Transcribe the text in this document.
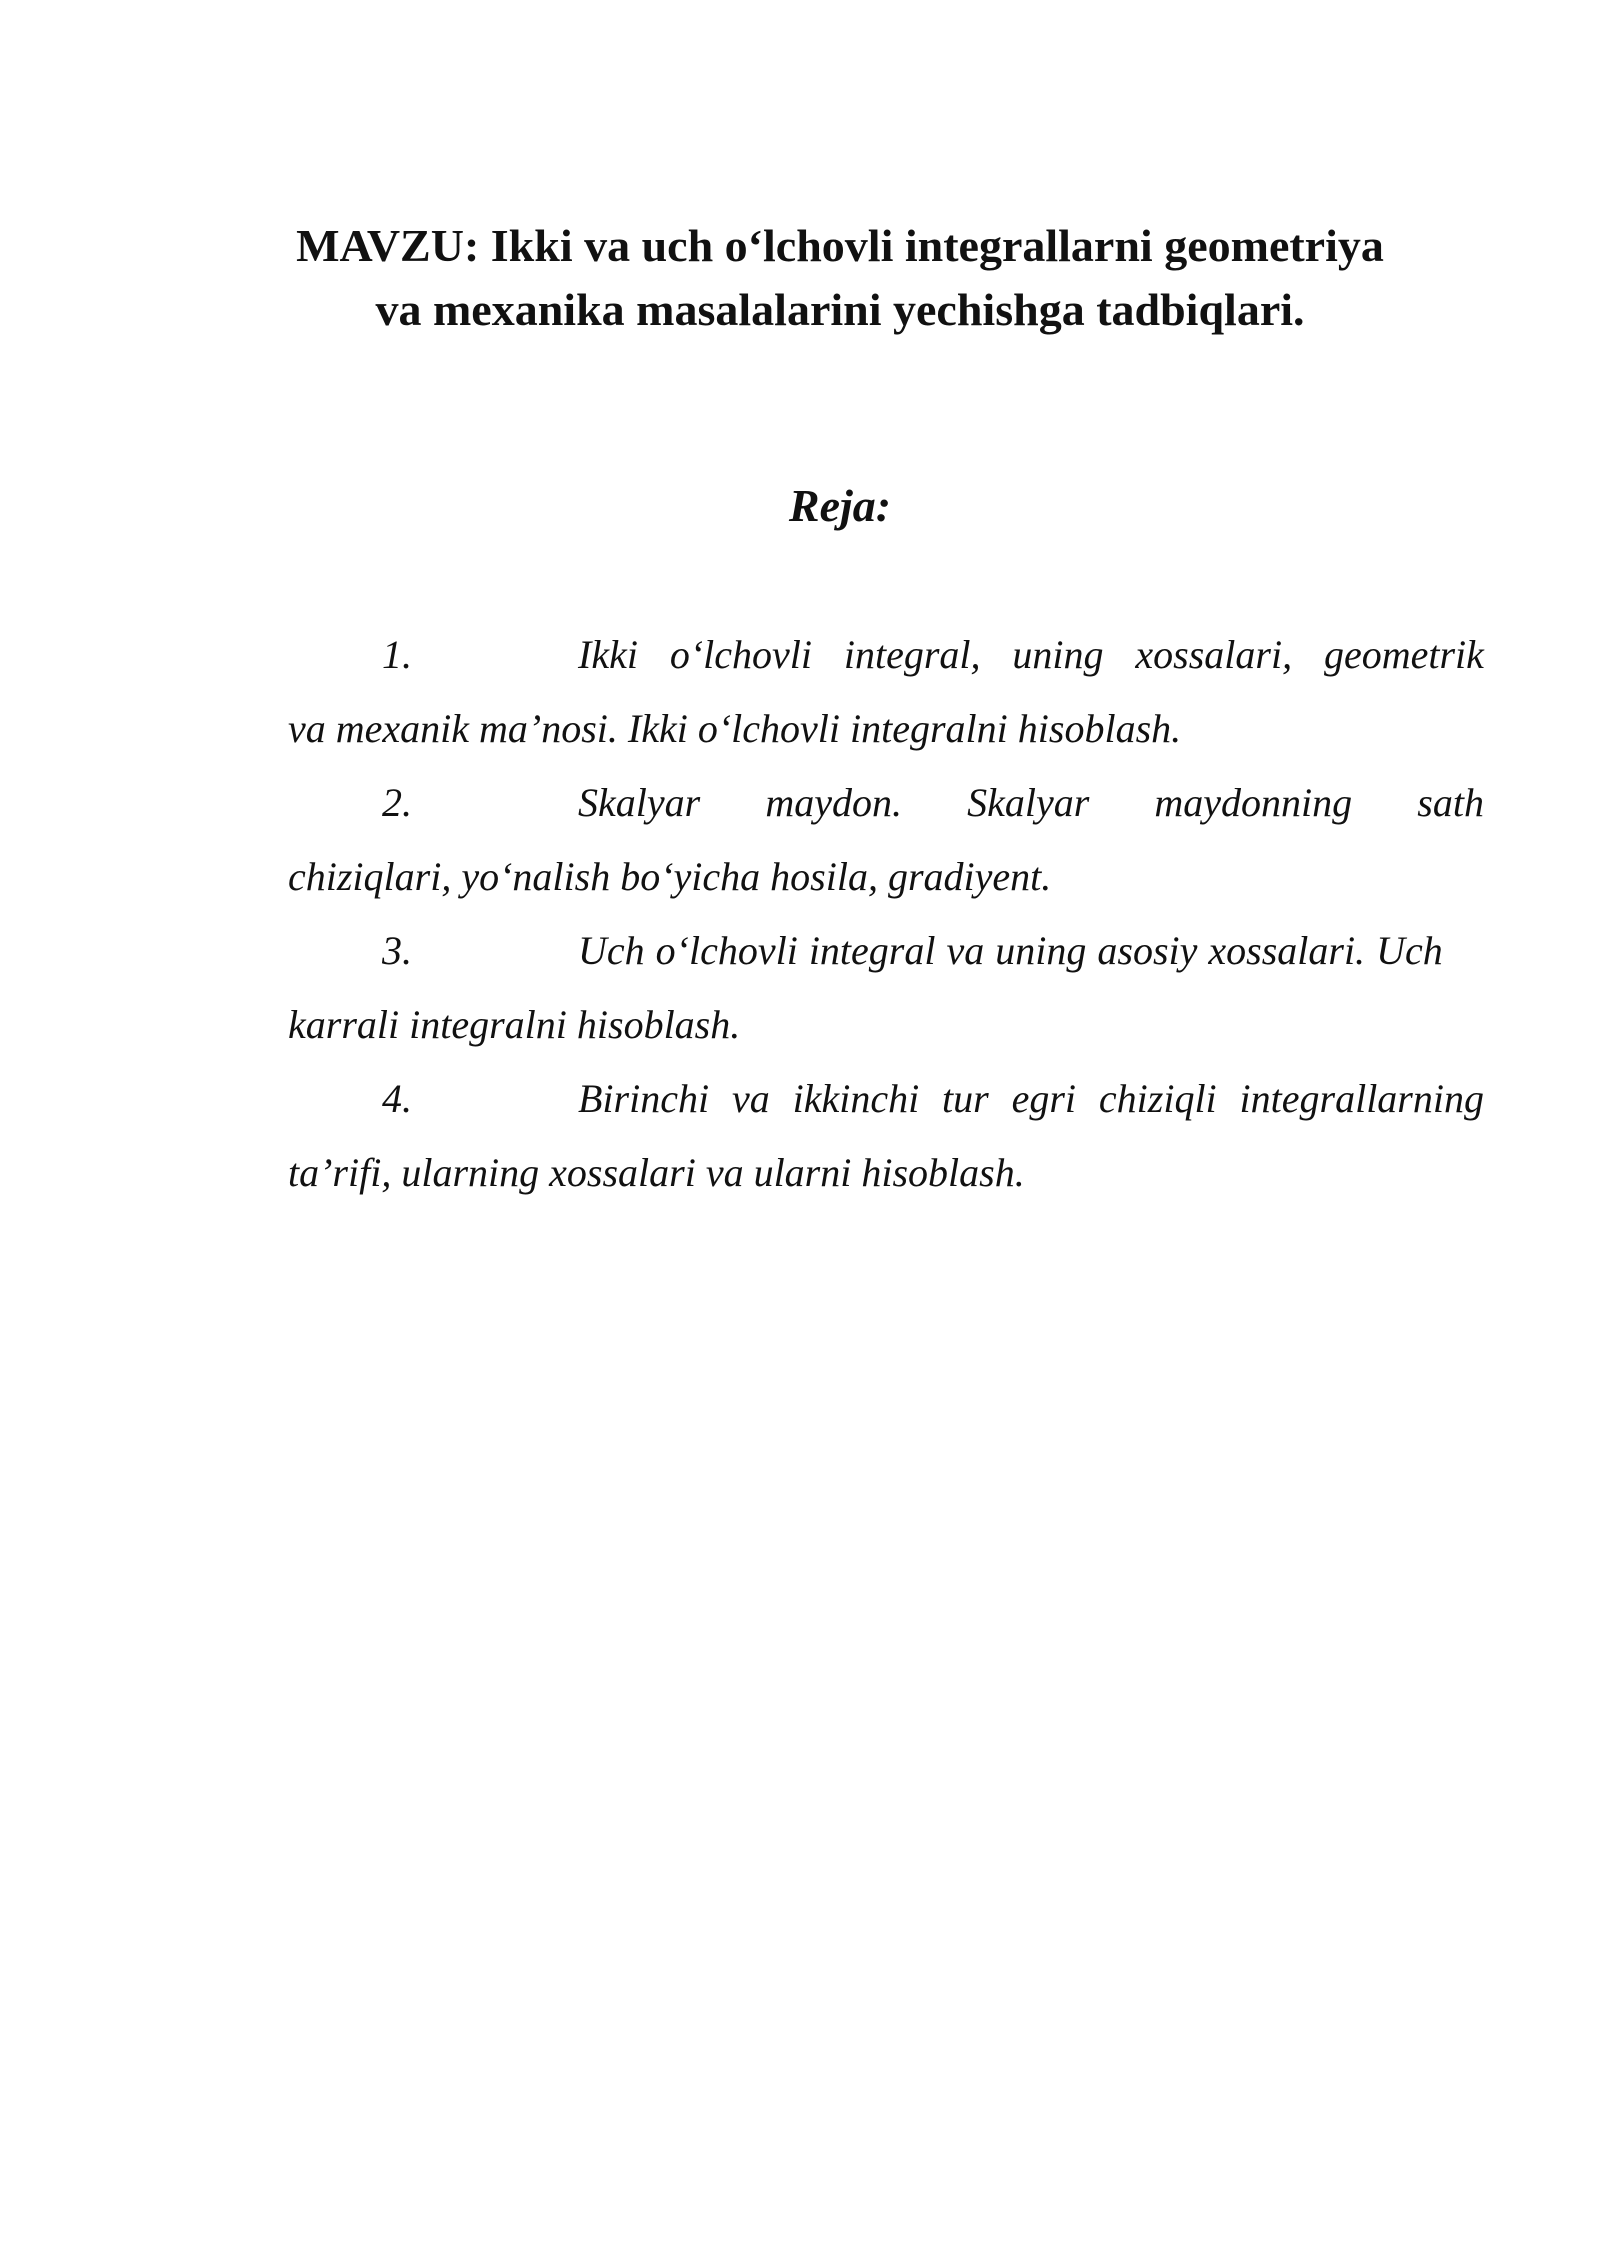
MAVZU: Ikki va uch o‘lchovli integrallarni geometriya
va mexanika masalalarini yechishga tadbiqlari.
Reja:
1.	Ikki o‘lchovli integral, uning xossalari, geometrik
va mexanik ma’nosi. Ikki o‘lchovli integralni hisoblash.
2.	Skalyar maydon. Skalyar maydonning sath
chiziqlari, yo‘nalish bo‘yicha hosila, gradiyent.
3.	Uch o‘lchovli integral va uning asosiy xossalari. Uch
karrali integralni hisoblash.
4.	Birinchi va ikkinchi tur egri chiziqli integrallarning
ta’rifi, ularning xossalari va ularni hisoblash.
